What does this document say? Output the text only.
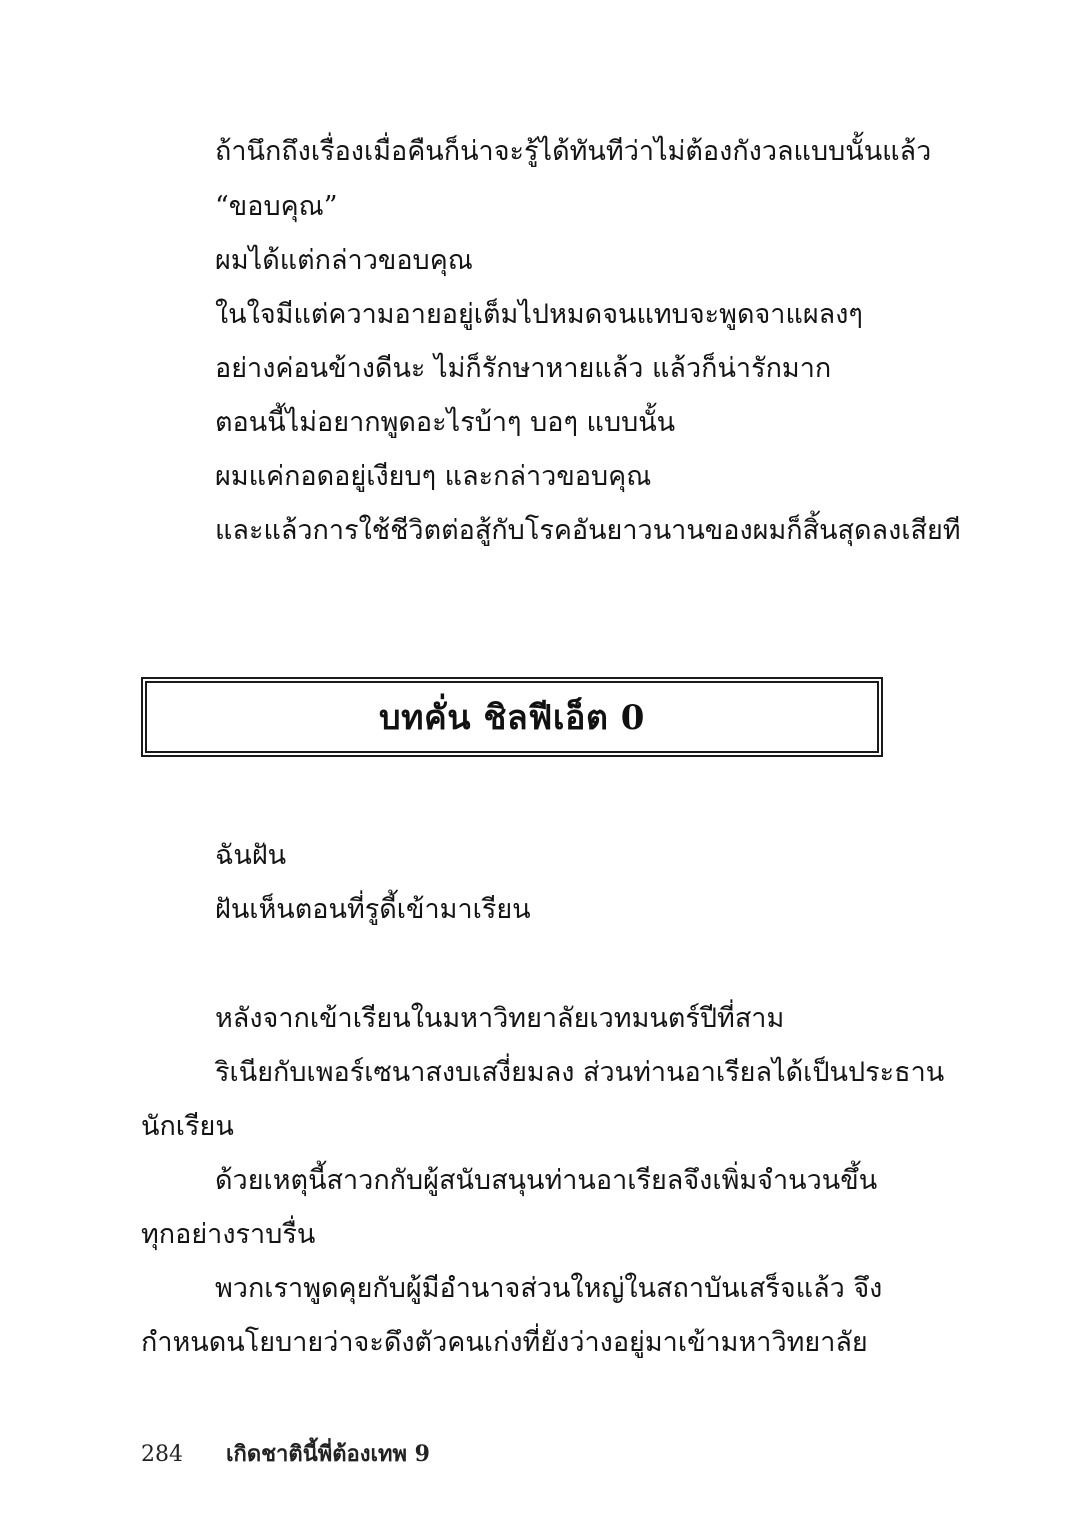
ถ้านึกถึงเรื่องเมื่อคืนก็น่าจะรู้ได้ทันทีว่าไม่ต้องกังวลแบบนั้นแล้ว
“ขอบคุณ”
ผมได้แต่กล่าวขอบคุณ
ในใจมีแต่ความอายอยู่เต็มไปหมดจนแทบจะพูดจาแผลงๆ
อย่างค่อนข้างดีนะ ไม่ก็รักษาหายแล้ว แล้วก็น่ารักมาก
ตอนนี้ไม่อยากพูดอะไรบ้าๆ บอๆ แบบนั้น
ผมแค่กอดอยู่เงียบๆ และกล่าวขอบคุณ
และแล้วการใช้ชีวิตต่อสู้กับโรคอันยาวนานของผมก็สิ้นสุดลงเสียที
บทคั่น ชิลฟีเอ็ต 0
ฉันฝัน
ฝันเห็นตอนที่รูดี้เข้ามาเรียน
หลังจากเข้าเรียนในมหาวิทยาลัยเวทมนตร์ปีที่สาม
ริเนียกับเพอร์เซนาสงบเสงี่ยมลง ส่วนท่านอาเรียลได้เป็นประธาน
นักเรียน
ด้วยเหตุนี้สาวกกับผู้สนับสนุนท่านอาเรียลจึงเพิ่มจำนวนขึ้น
ทุกอย่างราบรื่น
พวกเราพูดคุยกับผู้มีอำนาจส่วนใหญ่ในสถาบันเสร็จแล้ว จึง
กำหนดนโยบายว่าจะดึงตัวคนเก่งที่ยังว่างอยู่มาเข้ามหาวิทยาลัย
284 เกิดชาตินี้พี่ต้องเทพ 9
